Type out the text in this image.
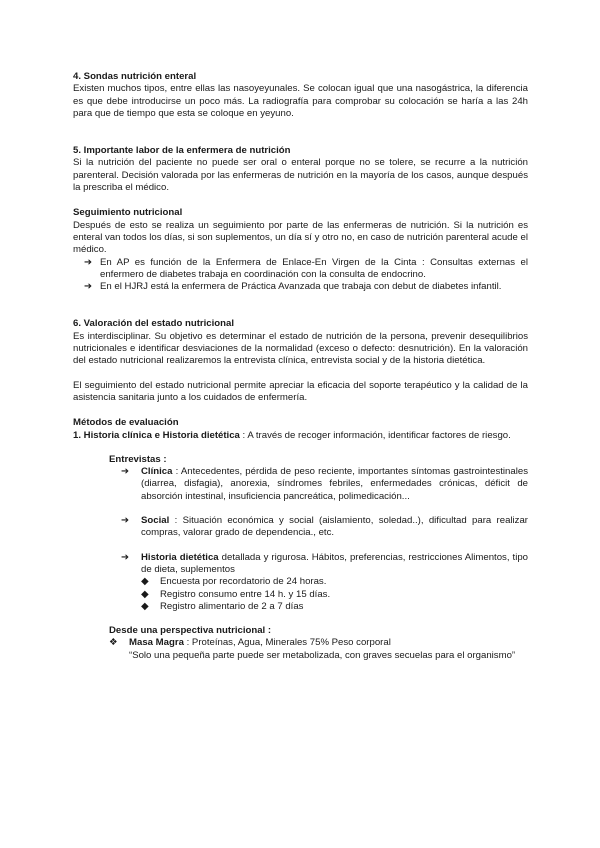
4. Sondas nutrición enteral

Existen muchos tipos, entre ellas las nasoyeyunales. Se colocan igual que una nasogástrica, la diferencia es que debe introducirse un poco más. La radiografía para comprobar su colocación se haría a las 24h para que de tiempo que esta se coloque en yeyuno.

5. Importante labor de la enfermera de nutrición

Si la nutrición del paciente no puede ser oral o enteral porque no se tolere, se recurre a la nutrición parenteral. Decisión valorada por las enfermeras de nutrición en la mayoría de los casos, aunque después la prescriba el médico.

Seguimiento nutricional

Después de esto se realiza un seguimiento por parte de las enfermeras de nutrición. Si la nutrición es enteral van todos los días, si son suplementos, un día sí y otro no, en caso de nutrición parenteral acude el médico.

➔ En AP es función de la Enfermera de Enlace-En Virgen de la Cinta : Consultas externas el enfermero de diabetes trabaja en coordinación con la consulta de endocrino.
➔ En el HJRJ está la enfermera de Práctica Avanzada que trabaja con debut de diabetes infantil.
6. Valoración del estado nutricional

Es interdisciplinar. Su objetivo es determinar el estado de nutrición de la persona, prevenir desequilibrios nutricionales e identificar desviaciones de la normalidad (exceso o defecto: desnutrición). En la valoración del estado nutricional realizaremos la entrevista clínica, entrevista social y de la historia dietética.

El seguimiento del estado nutricional permite apreciar la eficacia del soporte terapéutico y la calidad de la asistencia sanitaria junto a los cuidados de enfermería.

Métodos de evaluación

1. Historia clínica e Historia dietética : A través de recoger información, identificar factores de riesgo.

Entrevistas :
➔ Clínica : Antecedentes, pérdida de peso reciente, importantes síntomas gastrointestinales (diarrea, disfagia), anorexia, síndromes febriles, enfermedades crónicas, déficit de absorción intestinal, insuficiencia pancreática, polimedicación...
➔ Social : Situación económica y social (aislamiento, soledad..), dificultad para realizar compras, valorar grado de dependencia., etc.
➔ Historia dietética detallada y rigurosa. Hábitos, preferencias, restricciones Alimentos, tipo de dieta, suplementos
◆ Encuesta por recordatorio de 24 horas.
◆ Registro consumo entre 14 h. y 15 días.
◆ Registro alimentario de 2 a 7 días
Desde una perspectiva nutricional :
❖ Masa Magra : Proteínas, Agua, Minerales 75% Peso corporal
“Solo una pequeña parte puede ser metabolizada, con graves secuelas para el organismo”
